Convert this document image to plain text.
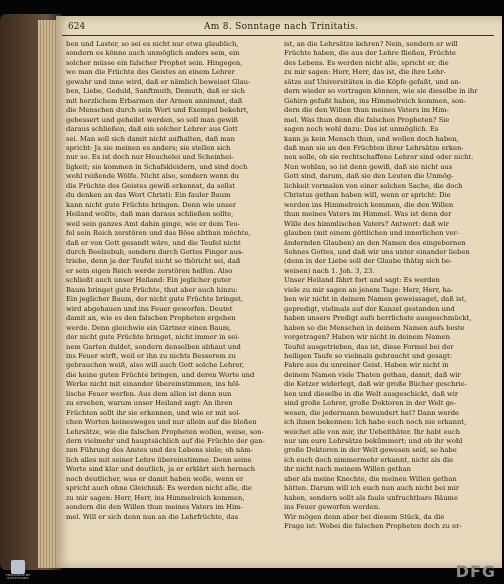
624	Am 8. Sonntage nach Trinitatis.
ben und Laster, so sei es nicht nur etwa glaublich,
sondern es könne auch unmöglich anders sein, ein
solcher müsse ein falscher Prophet sein. Hingegen,
wo man die Früchte des Geistes an einem Lehrer
gewahr und inne wird, daß er nämlich beweiset Glau-
ben, Liebe, Geduld, Sanftmuth, Demuth, daß er sich
mit herzlichem Erbarmen der Armen annimmt, daß
die Menschen durch sein Wort und Exempel bekehrt,
gebessert und geheilet werden, so soll man gewiß
daraus schließen, daß ein solcher Lehrer aus Gott
sei. Man soll sich damit nicht aufhalten, daß man
spricht: Ja sie meinen es anders; sie stellen sich
nur so. Es ist doch nur Heuchelei und Scheinhei-
ligkeit; sie kommen in Schafskleidern, und sind doch
wohl reißende Wölfe. Nicht also, sondern wenn du
die Früchte des Geistes gewiß erkennst, da sollst
du denken an das Wort Christi: Ein fauler Baum
kann nicht gute Früchte bringen. Denn wie unser
Heiland wollte, daß man daraus schließen sollte,
weil sein ganzes Amt dahin ginge, wie er dem Teu-
fel sein Reich zerstören und das Böse abthun möchte,
daß er von Gott gesandt wäre, und die Teufel nicht
durch Beelzebub, sondern durch Gottes Finger aus-
triebe, denn ja der Teufel nicht so thöricht sei, daß
er sein eigen Reich werde zerstören helfen. Also
schließt auch unser Heiland: Ein jeglicher guter
Baum bringet gute Früchte, thut aber auch hinzu:
Ein jeglicher Baum, der nicht gute Früchte bringet,
wird abgehauen und ins Feuer geworfen. Deutet
damit an, wie es den falschen Propheten ergehen
werde. Denn gleichwie ein Gärtner einen Baum,
der nicht gute Früchte bringet, nicht immer in sei-
nem Garten duldet, sondern denselben abhaut und
ins Feuer wirft, weil er ihn zu nichts Besserem zu
gebrauchen weiß, also will auch Gott solche Lehrer,
die keine guten Früchte bringen, und deren Worte und
Werke nicht mit einander übereinstimmen, ins höl-
lische Feuer werfen. Aus dem allen ist denn nun
zu ersehen, warum unser Heiland sagt: An ihren
Früchten sollt ihr sie erkennen, und wie er mit sol-
chen Worten keinesweges und nur allein auf die bloßen
Lehrsätze, wie die falschen Propheten wollen, weise, son-
dern vielmehr und hauptsächlich auf die Früchte der gan-
zen Führung des Amtes und des Lebens siele; ob näm-
lich alles mit seiner Lehre übereinstimme. Denn seine
Worte sind klar und deutlich, ja er erklärt sich hernach
noch deutlicher, was er damit haben wolle, wenn er
spricht auch ohne Gleichniß: Es werden nicht alle, die
zu mir sagen: Herr, Herr, ins Himmelreich kommen,
sondern die den Willen thun meines Vaters im Him-
mel. Will er sich denn nun an die Lehrfrüchte, das
ist, an die Lehrsätze kehren? Nein, sondern er will
Früchte haben, die aus der Lehre fließen, Früchte
des Lebens. Es werden nicht alle, spricht er, die
zu mir sagen: Herr, Herr, das ist, die ihre Lehr-
sätze auf Universitäten in die Köpfe gefaßt, und an-
dern wieder so vortragen können, wie sie dieselbe in ihr
Gehirn gefaßt haben, ins Himmelreich kommen, son-
dern die den Willen thun meines Vaters im Him-
mel. Was thun denn die falschen Propheten? Sie
sagen noch wohl dazu: Das ist unmöglich. Es
kann ja kein Mensch thun, und wollen doch haben,
daß man sie an den Früchten ihrer Lehrsätze erken-
nen solle, ob sie rechtschaffene Lehrer sind oder nicht.
Nun wohlan, so ist denn gewiß, daß sie nicht aus
Gott sind, darum, daß sie den Leuten die Unmög-
lichkeit vormalen von einer solchen Sache, die doch
Christus gethan haben will, wenn er spricht: Die
werden ins Himmelreich kommen, die den Willen
thun meines Vaters im Himmel. Was ist denn der
Wille des himmlischen Vaters? Antwort: daß wir
glauben (mit einem göttlichen und innerlichen ver-
ändernden Glauben) an den Namen des eingebornen
Sohnes Gottes, und daß wir uns unter einander lieben
(denn in der Liebe soll der Glaube thätig sich be-
weisen) nach 1. Joh. 3, 23.
Unser Heiland fährt fort und sagt: Es werden
viele zu mir sagen an jenem Tage: Herr, Herr, ha-
ben wir nicht in deinem Namen geweissaget, daß ist,
gepredigt, vielmals auf der Kanzel gestanden und
haben unsere Predigt aufs herrlichste ausgeschmückt,
haben so die Menschen in deinem Namen aufs beste
vorgetragen? Haben wir nicht in deinem Namen
Teufel ausgetrieben, das ist, diese Formel bei der
heiligen Taufe so vielmals gebraucht und gesagt:
Fahre aus du unreiner Geist. Haben wir nicht in
deinem Namen viele Thaten gethan, damit, daß wir
die Ketzer widerlegt, daß wir große Bücher geschrie-
ben und dieselbe in die Welt ausgeschickt, daß wir
sind große Lehrer, große Doktoren in der Welt ge-
wesen, die jedermann bewundert hat? Dann werde
ich ihnen bekennen: Ich habe euch noch nie erkannt,
weichet alle von mir, ihr Uebelthäter. Ihr habt euch
nur um eure Lehrsätze bekümmert; und ob ihr wohl
große Doktoren in der Welt gewesen seid, so habe
ich euch doch nimmermehr erkannt, nicht als die
ihr nicht nach meinem Willen gethan
aber als meine Knechte, die meinen Willen gethan
hätten. Darum will ich euch nun auch nicht bei mir
haben, sondern sollt als faule unfruchtbare Bäume
ins Feuer geworfen werden.
Wir mögen denn aber bei diesem Stück, da die
Frage ist: Wobei die falschen Propheten doch zu er-
FRANCKESCHE STIFTUNGEN	DFG
